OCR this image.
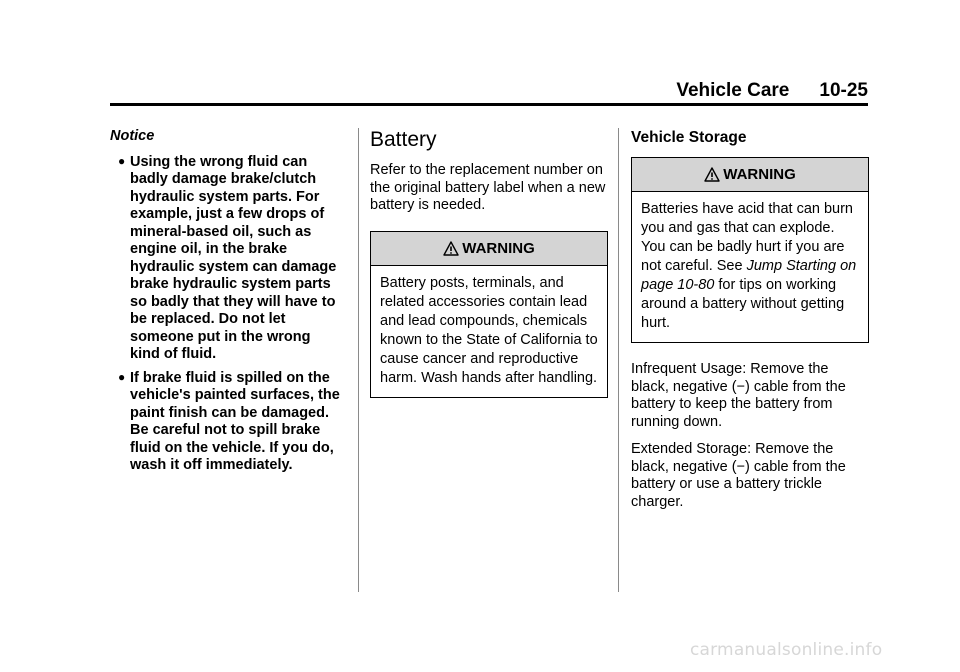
Vehicle Care 10-25
Notice
● Using the wrong fluid can badly damage brake/clutch hydraulic system parts. For example, just a few drops of mineral-based oil, such as engine oil, in the brake hydraulic system can damage brake hydraulic system parts so badly that they will have to be replaced. Do not let someone put in the wrong kind of fluid.
● If brake fluid is spilled on the vehicle's painted surfaces, the paint finish can be damaged. Be careful not to spill brake fluid on the vehicle. If you do, wash it off immediately.
Battery

Refer to the replacement number on the original battery label when a new battery is needed.

WARNING
Battery posts, terminals, and related accessories contain lead and lead compounds, chemicals known to the State of California to cause cancer and reproductive harm. Wash hands after handling.
Vehicle Storage
WARNING
Batteries have acid that can burn you and gas that can explode. You can be badly hurt if you are not careful. See Jump Starting on page 10-80 for tips on working around a battery without getting hurt.

Infrequent Usage: Remove the black, negative (−) cable from the battery to keep the battery from running down.

Extended Storage: Remove the black, negative (−) cable from the battery or use a battery trickle charger.

carmanualsonline.info
